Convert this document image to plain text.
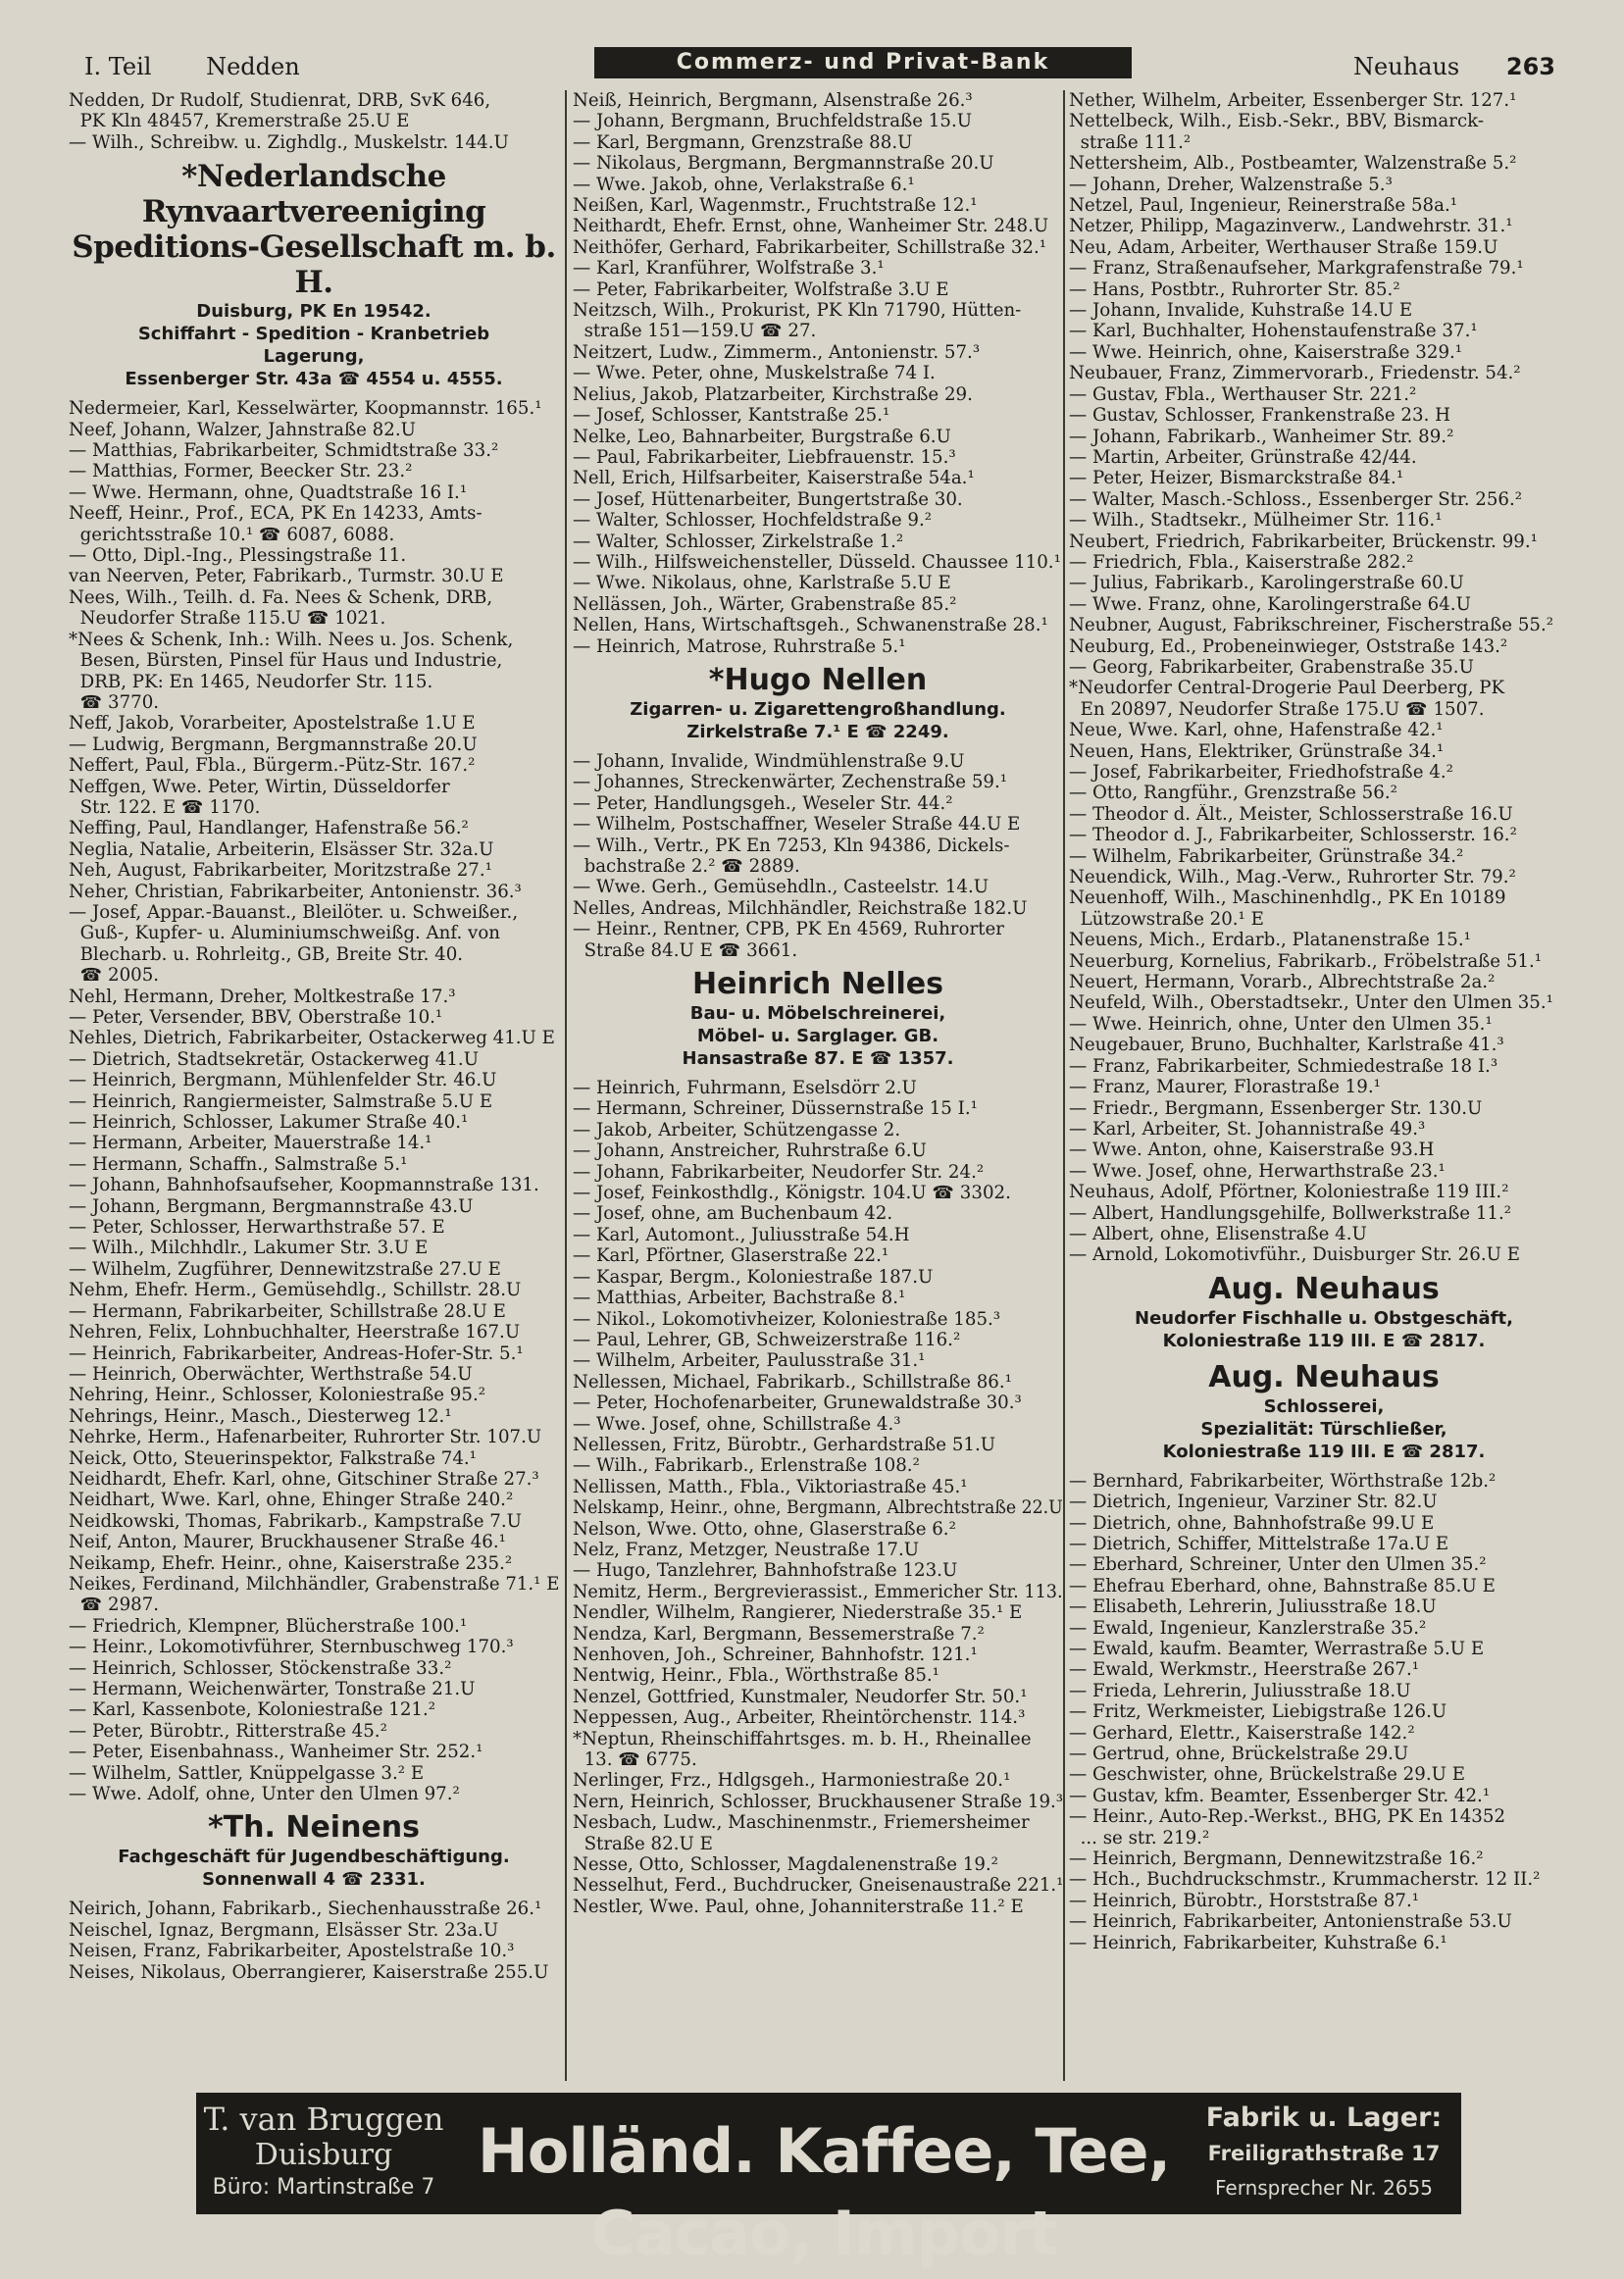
I. Teil Nedden	Commerz- und Privat-Bank	Neuhaus 263
Nedden, Dr Rudolf, Studienrat, DRB, SvK 646,
PK Kln 48457, Kremerstraße 25.U E
— Wilh., Schreibw. u. Zighdlg., Muskelstr. 144.U
*Nederlandsche Rynvaartvereeniging
Speditions-Gesellschaft m. b. H.
Duisburg, PK En 19542.
Schiffahrt - Spedition - Kranbetrieb
Lagerung,
Essenberger Str. 43a ☎ 4554 u. 4555.
Nedermeier, Karl, Kesselwärter, Koopmannstr. 165.¹
Neef, Johann, Walzer, Jahnstraße 82.U
— Matthias, Fabrikarbeiter, Schmidtstraße 33.²
— Matthias, Former, Beecker Str. 23.²
— Wwe. Hermann, ohne, Quadtstraße 16 I.¹
Neeff, Heinr., Prof., ECA, PK En 14233, Amts-
gerichtsstraße 10.¹ ☎ 6087, 6088.
— Otto, Dipl.-Ing., Plessingstraße 11.
van Neerven, Peter, Fabrikarb., Turmstr. 30.U E
Nees, Wilh., Teilh. d. Fa. Nees & Schenk, DRB,
Neudorfer Straße 115.U ☎ 1021.
*Nees & Schenk, Inh.: Wilh. Nees u. Jos. Schenk,
Besen, Bürsten, Pinsel für Haus und Industrie,
DRB, PK: En 1465, Neudorfer Str. 115.
☎ 3770.
Neff, Jakob, Vorarbeiter, Apostelstraße 1.U E
— Ludwig, Bergmann, Bergmannstraße 20.U
Neffert, Paul, Fbla., Bürgerm.-Pütz-Str. 167.²
Neffgen, Wwe. Peter, Wirtin, Düsseldorfer
Str. 122. E ☎ 1170.
Neffing, Paul, Handlanger, Hafenstraße 56.²
Neglia, Natalie, Arbeiterin, Elsässer Str. 32a.U
Neh, August, Fabrikarbeiter, Moritzstraße 27.¹
Neher, Christian, Fabrikarbeiter, Antonienstr. 36.³
— Josef, Appar.-Bauanst., Bleilöter. u. Schweißer.,
Guß-, Kupfer- u. Aluminiumschweißg. Anf. von
Blecharb. u. Rohrleitg., GB, Breite Str. 40.
☎ 2005.
Nehl, Hermann, Dreher, Moltkestraße 17.³
— Peter, Versender, BBV, Oberstraße 10.¹
Nehles, Dietrich, Fabrikarbeiter, Ostackerweg 41.U E
— Dietrich, Stadtsekretär, Ostackerweg 41.U
— Heinrich, Bergmann, Mühlenfelder Str. 46.U
— Heinrich, Rangiermeister, Salmstraße 5.U E
— Heinrich, Schlosser, Lakumer Straße 40.¹
— Hermann, Arbeiter, Mauerstraße 14.¹
— Hermann, Schaffn., Salmstraße 5.¹
— Johann, Bahnhofsaufseher, Koopmannstraße 131.
— Johann, Bergmann, Bergmannstraße 43.U
— Peter, Schlosser, Herwarthstraße 57. E
— Wilh., Milchhdlr., Lakumer Str. 3.U E
— Wilhelm, Zugführer, Dennewitzstraße 27.U E
Nehm, Ehefr. Herm., Gemüsehdlg., Schillstr. 28.U
— Hermann, Fabrikarbeiter, Schillstraße 28.U E
Nehren, Felix, Lohnbuchhalter, Heerstraße 167.U
— Heinrich, Fabrikarbeiter, Andreas-Hofer-Str. 5.¹
— Heinrich, Oberwächter, Werthstraße 54.U
Nehring, Heinr., Schlosser, Koloniestraße 95.²
Nehrings, Heinr., Masch., Diesterweg 12.¹
Nehrke, Herm., Hafenarbeiter, Ruhrorter Str. 107.U
Neick, Otto, Steuerinspektor, Falkstraße 74.¹
Neidhardt, Ehefr. Karl, ohne, Gitschiner Straße 27.³
Neidhart, Wwe. Karl, ohne, Ehinger Straße 240.²
Neidkowski, Thomas, Fabrikarb., Kampstraße 7.U
Neif, Anton, Maurer, Bruckhausener Straße 46.¹
Neikamp, Ehefr. Heinr., ohne, Kaiserstraße 235.²
Neikes, Ferdinand, Milchhändler, Grabenstraße 71.¹ E
☎ 2987.
— Friedrich, Klempner, Blücherstraße 100.¹
— Heinr., Lokomotivführer, Sternbuschweg 170.³
— Heinrich, Schlosser, Stöckenstraße 33.²
— Hermann, Weichenwärter, Tonstraße 21.U
— Karl, Kassenbote, Koloniestraße 121.²
— Peter, Bürobtr., Ritterstraße 45.²
— Peter, Eisenbahnass., Wanheimer Str. 252.¹
— Wilhelm, Sattler, Knüppelgasse 3.² E
— Wwe. Adolf, ohne, Unter den Ulmen 97.²
*Th. Neinens
Fachgeschäft für Jugendbeschäftigung.
Sonnenwall 4 ☎ 2331.
Neirich, Johann, Fabrikarb., Siechenhausstraße 26.¹
Neischel, Ignaz, Bergmann, Elsässer Str. 23a.U
Neisen, Franz, Fabrikarbeiter, Apostelstraße 10.³
Neises, Nikolaus, Oberrangierer, Kaiserstraße 255.U
Neiß, Heinrich, Bergmann, Alsenstraße 26.³
— Johann, Bergmann, Bruchfeldstraße 15.U
— Karl, Bergmann, Grenzstraße 88.U
— Nikolaus, Bergmann, Bergmannstraße 20.U
— Wwe. Jakob, ohne, Verlakstraße 6.¹
Neißen, Karl, Wagenmstr., Fruchtstraße 12.¹
Neithardt, Ehefr. Ernst, ohne, Wanheimer Str. 248.U
Neithöfer, Gerhard, Fabrikarbeiter, Schillstraße 32.¹
— Karl, Kranführer, Wolfstraße 3.¹
— Peter, Fabrikarbeiter, Wolfstraße 3.U E
Neitzsch, Wilh., Prokurist, PK Kln 71790, Hütten-
straße 151—159.U ☎ 27.
Neitzert, Ludw., Zimmerm., Antonienstr. 57.³
— Wwe. Peter, ohne, Muskelstraße 74 I.
Nelius, Jakob, Platzarbeiter, Kirchstraße 29.
— Josef, Schlosser, Kantstraße 25.¹
Nelke, Leo, Bahnarbeiter, Burgstraße 6.U
— Paul, Fabrikarbeiter, Liebfrauenstr. 15.³
Nell, Erich, Hilfsarbeiter, Kaiserstraße 54a.¹
— Josef, Hüttenarbeiter, Bungertstraße 30.
— Walter, Schlosser, Hochfeldstraße 9.²
— Walter, Schlosser, Zirkelstraße 1.²
— Wilh., Hilfsweichensteller, Düsseld. Chaussee 110.¹
— Wwe. Nikolaus, ohne, Karlstraße 5.U E
Nellässen, Joh., Wärter, Grabenstraße 85.²
Nellen, Hans, Wirtschaftsgeh., Schwanenstraße 28.¹
— Heinrich, Matrose, Ruhrstraße 5.¹
*Hugo Nellen
Zigarren- u. Zigarettengroßhandlung.
Zirkelstraße 7.¹ E ☎ 2249.
— Johann, Invalide, Windmühlenstraße 9.U
— Johannes, Streckenwärter, Zechenstraße 59.¹
— Peter, Handlungsgeh., Weseler Str. 44.²
— Wilhelm, Postschaffner, Weseler Straße 44.U E
— Wilh., Vertr., PK En 7253, Kln 94386, Dickels-
bachstraße 2.² ☎ 2889.
— Wwe. Gerh., Gemüsehdln., Casteelstr. 14.U
Nelles, Andreas, Milchhändler, Reichstraße 182.U
— Heinr., Rentner, CPB, PK En 4569, Ruhrorter
Straße 84.U E ☎ 3661.
Heinrich Nelles
Bau- u. Möbelschreinerei,
Möbel- u. Sarglager. GB.
Hansastraße 87. E ☎ 1357.
— Heinrich, Fuhrmann, Eselsdörr 2.U
— Hermann, Schreiner, Düssernstraße 15 I.¹
— Jakob, Arbeiter, Schützengasse 2.
— Johann, Anstreicher, Ruhrstraße 6.U
— Johann, Fabrikarbeiter, Neudorfer Str. 24.²
— Josef, Feinkosthdlg., Königstr. 104.U ☎ 3302.
— Josef, ohne, am Buchenbaum 42.
— Karl, Automont., Juliusstraße 54.H
— Karl, Pförtner, Glaserstraße 22.¹
— Kaspar, Bergm., Koloniestraße 187.U
— Matthias, Arbeiter, Bachstraße 8.¹
— Nikol., Lokomotivheizer, Koloniestraße 185.³
— Paul, Lehrer, GB, Schweizerstraße 116.²
— Wilhelm, Arbeiter, Paulusstraße 31.¹
Nellessen, Michael, Fabrikarb., Schillstraße 86.¹
— Peter, Hochofenarbeiter, Grunewaldstraße 30.³
— Wwe. Josef, ohne, Schillstraße 4.³
Nellessen, Fritz, Bürobtr., Gerhardstraße 51.U
— Wilh., Fabrikarb., Erlenstraße 108.²
Nellissen, Matth., Fbla., Viktoriastraße 45.¹
Nelskamp, Heinr., ohne, Bergmann, Albrechtstraße 22.U
Nelson, Wwe. Otto, ohne, Glaserstraße 6.²
Nelz, Franz, Metzger, Neustraße 17.U
— Hugo, Tanzlehrer, Bahnhofstraße 123.U
Nemitz, Herm., Bergrevierassist., Emmericher Str. 113.
Nendler, Wilhelm, Rangierer, Niederstraße 35.¹ E
Nendza, Karl, Bergmann, Bessemerstraße 7.²
Nenhoven, Joh., Schreiner, Bahnhofstr. 121.¹
Nentwig, Heinr., Fbla., Wörthstraße 85.¹
Nenzel, Gottfried, Kunstmaler, Neudorfer Str. 50.¹
Neppessen, Aug., Arbeiter, Rheintörchenstr. 114.³
*Neptun, Rheinschiffahrtsges. m. b. H., Rheinallee
13. ☎ 6775.
Nerlinger, Frz., Hdlgsgeh., Harmoniestraße 20.¹
Nern, Heinrich, Schlosser, Bruckhausener Straße 19.³
Nesbach, Ludw., Maschinenmstr., Friemersheimer
Straße 82.U E
Nesse, Otto, Schlosser, Magdalenenstraße 19.²
Nesselhut, Ferd., Buchdrucker, Gneisenaustraße 221.¹
Nestler, Wwe. Paul, ohne, Johanniterstraße 11.² E
Nether, Wilhelm, Arbeiter, Essenberger Str. 127.¹
Nettelbeck, Wilh., Eisb.-Sekr., BBV, Bismarck-
straße 111.²
Nettersheim, Alb., Postbeamter, Walzenstraße 5.²
— Johann, Dreher, Walzenstraße 5.³
Netzel, Paul, Ingenieur, Reinerstraße 58a.¹
Netzer, Philipp, Magazinverw., Landwehrstr. 31.¹
Neu, Adam, Arbeiter, Werthauser Straße 159.U
— Franz, Straßenaufseher, Markgrafenstraße 79.¹
— Hans, Postbtr., Ruhrorter Str. 85.²
— Johann, Invalide, Kuhstraße 14.U E
— Karl, Buchhalter, Hohenstaufenstraße 37.¹
— Wwe. Heinrich, ohne, Kaiserstraße 329.¹
Neubauer, Franz, Zimmervorarb., Friedenstr. 54.²
— Gustav, Fbla., Werthauser Str. 221.²
— Gustav, Schlosser, Frankenstraße 23. H
— Johann, Fabrikarb., Wanheimer Str. 89.²
— Martin, Arbeiter, Grünstraße 42/44.
— Peter, Heizer, Bismarckstraße 84.¹
— Walter, Masch.-Schloss., Essenberger Str. 256.²
— Wilh., Stadtsekr., Mülheimer Str. 116.¹
Neubert, Friedrich, Fabrikarbeiter, Brückenstr. 99.¹
— Friedrich, Fbla., Kaiserstraße 282.²
— Julius, Fabrikarb., Karolingerstraße 60.U
— Wwe. Franz, ohne, Karolingerstraße 64.U
Neubner, August, Fabrikschreiner, Fischerstraße 55.²
Neuburg, Ed., Probeneinwieger, Oststraße 143.²
— Georg, Fabrikarbeiter, Grabenstraße 35.U
*Neudorfer Central-Drogerie Paul Deerberg, PK
En 20897, Neudorfer Straße 175.U ☎ 1507.
Neue, Wwe. Karl, ohne, Hafenstraße 42.¹
Neuen, Hans, Elektriker, Grünstraße 34.¹
— Josef, Fabrikarbeiter, Friedhofstraße 4.²
— Otto, Rangführ., Grenzstraße 56.²
— Theodor d. Ält., Meister, Schlosserstraße 16.U
— Theodor d. J., Fabrikarbeiter, Schlosserstr. 16.²
— Wilhelm, Fabrikarbeiter, Grünstraße 34.²
Neuendick, Wilh., Mag.-Verw., Ruhrorter Str. 79.²
Neuenhoff, Wilh., Maschinenhdlg., PK En 10189
Lützowstraße 20.¹ E
Neuens, Mich., Erdarb., Platanenstraße 15.¹
Neuerburg, Kornelius, Fabrikarb., Fröbelstraße 51.¹
Neuert, Hermann, Vorarb., Albrechtstraße 2a.²
Neufeld, Wilh., Oberstadtsekr., Unter den Ulmen 35.¹
— Wwe. Heinrich, ohne, Unter den Ulmen 35.¹
Neugebauer, Bruno, Buchhalter, Karlstraße 41.³
— Franz, Fabrikarbeiter, Schmiedestraße 18 I.³
— Franz, Maurer, Florastraße 19.¹
— Friedr., Bergmann, Essenberger Str. 130.U
— Karl, Arbeiter, St. Johannistraße 49.³
— Wwe. Anton, ohne, Kaiserstraße 93.H
— Wwe. Josef, ohne, Herwarthstraße 23.¹
Neuhaus, Adolf, Pförtner, Koloniestraße 119 III.²
— Albert, Handlungsgehilfe, Bollwerkstraße 11.²
— Albert, ohne, Elisenstraße 4.U
— Arnold, Lokomotivführ., Duisburger Str. 26.U E
Aug. Neuhaus
Neudorfer Fischhalle u. Obstgeschäft,
Koloniestraße 119 III. E ☎ 2817.
Aug. Neuhaus
Schlosserei,
Spezialität: Türschließer,
Koloniestraße 119 III. E ☎ 2817.
— Bernhard, Fabrikarbeiter, Wörthstraße 12b.²
— Dietrich, Ingenieur, Varziner Str. 82.U
— Dietrich, ohne, Bahnhofstraße 99.U E
— Dietrich, Schiffer, Mittelstraße 17a.U E
— Eberhard, Schreiner, Unter den Ulmen 35.²
— Ehefrau Eberhard, ohne, Bahnstraße 85.U E
— Elisabeth, Lehrerin, Juliusstraße 18.U
— Ewald, Ingenieur, Kanzlerstraße 35.²
— Ewald, kaufm. Beamter, Werrastraße 5.U E
— Ewald, Werkmstr., Heerstraße 267.¹
— Frieda, Lehrerin, Juliusstraße 18.U
— Fritz, Werkmeister, Liebigstraße 126.U
— Gerhard, Elettr., Kaiserstraße 142.²
— Gertrud, ohne, Brückelstraße 29.U
— Geschwister, ohne, Brückelstraße 29.U E
— Gustav, kfm. Beamter, Essenberger Str. 42.¹
— Heinr., Auto-Rep.-Werkst., BHG, PK En 14352
... se str. 219.²
— Heinrich, Bergmann, Dennewitzstraße 16.²
— Hch., Buchdruckschmstr., Krummacherstr. 12 II.²
— Heinrich, Bürobtr., Horststraße 87.¹
— Heinrich, Fabrikarbeiter, Antonienstraße 53.U
— Heinrich, Fabrikarbeiter, Kuhstraße 6.¹
T. van Bruggen
Duisburg
Büro: Martinstraße 7
Holländ. Kaffee, Tee, Cacao, Import
Fabrik u. Lager:
Freiligrathstraße 17
Fernsprecher Nr. 2655
